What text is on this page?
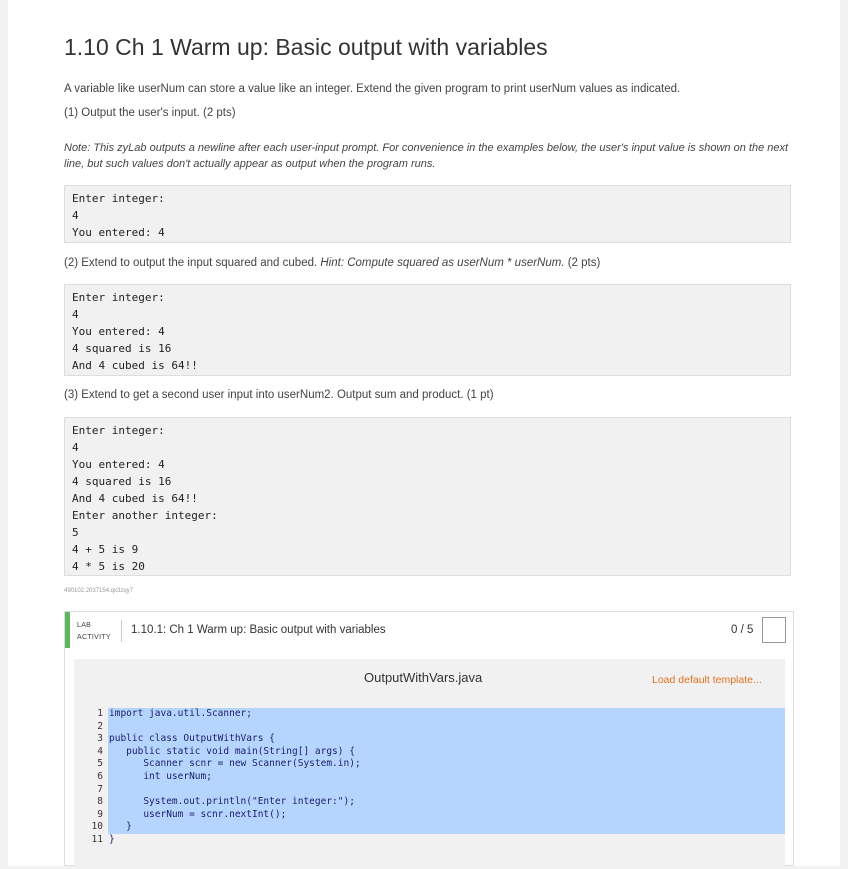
1.10 Ch 1 Warm up: Basic output with variables
A variable like userNum can store a value like an integer. Extend the given program to print userNum values as indicated.
(1) Output the user's input. (2 pts)
Note: This zyLab outputs a newline after each user-input prompt. For convenience in the examples below, the user's input value is shown on the next line, but such values don't actually appear as output when the program runs.
Enter integer:
4
You entered: 4
(2) Extend to output the input squared and cubed. Hint: Compute squared as userNum * userNum. (2 pts)
Enter integer:
4
You entered: 4
4 squared is 16
And 4 cubed is 64!!
(3) Extend to get a second user input into userNum2. Output sum and product. (1 pt)
Enter integer:
4
You entered: 4
4 squared is 16
And 4 cubed is 64!!
Enter another integer:
5
4 + 5 is 9
4 * 5 is 20
490102.2037154.qx3zqy7
LAB
ACTIVITY
1.10.1: Ch 1 Warm up: Basic output with variables	0 / 5
OutputWithVars.java	Load default template...
1 import java.util.Scanner;
2
3 public class OutputWithVars {
4 public static void main(String[] args) {
5 Scanner scnr = new Scanner(System.in);
6 int userNum;
7
8 System.out.println("Enter integer:");
9 userNum = scnr.nextInt();
10 }
11 }
